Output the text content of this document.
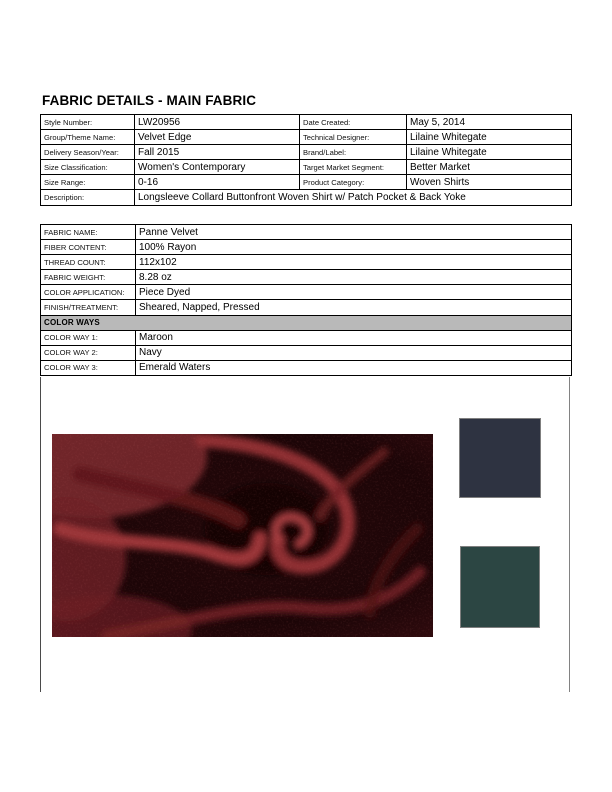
FABRIC DETAILS - MAIN FABRIC
Style Number:	LW20956	Date Created:	May 5, 2014
Group/Theme Name:	Velvet Edge	Technical Designer:	Lilaine Whitegate
Delivery Season/Year:	Fall 2015	Brand/Label:	Lilaine Whitegate
Size Classification:	Women's Contemporary	Target Market Segment:	Better Market
Size Range:	0-16	Product Category:	Woven Shirts
Description:	Longsleeve Collard Buttonfront Woven Shirt w/ Patch Pocket & Back Yoke		
FABRIC NAME:	Panne Velvet
FIBER CONTENT:	100% Rayon
THREAD COUNT:	112x102
FABRIC WEIGHT:	8.28 oz
COLOR APPLICATION:	Piece Dyed
FINISH/TREATMENT:	Sheared, Napped, Pressed
COLOR WAYS	
COLOR WAY 1:	Maroon
COLOR WAY 2:	Navy
COLOR WAY 3:	Emerald Waters
